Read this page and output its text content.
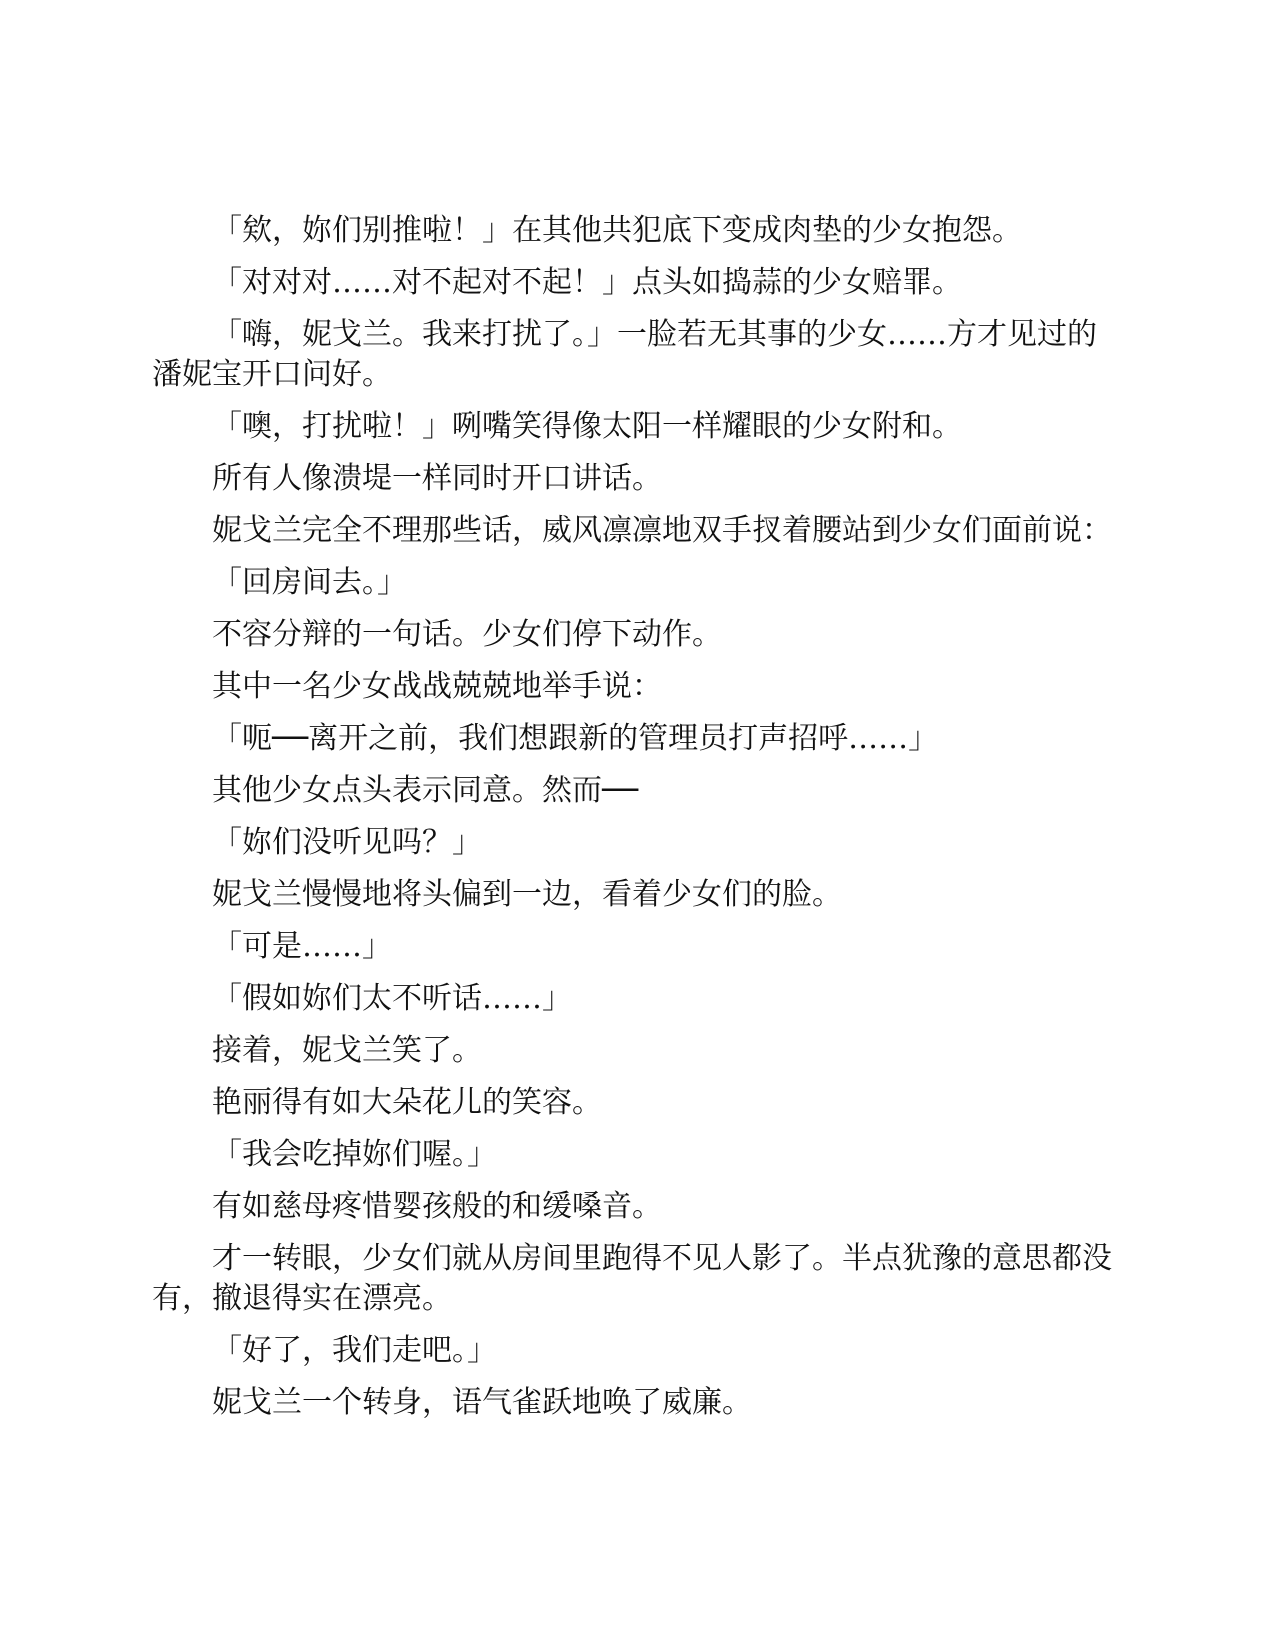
「欸，妳们别推啦！」在其他共犯底下变成肉垫的少女抱怨。

「对对对……对不起对不起！」点头如捣蒜的少女赔罪。

「嗨，妮戈兰。我来打扰了。」一脸若无其事的少女……方才见过的潘妮宝开口问好。

「噢，打扰啦！」咧嘴笑得像太阳一样耀眼的少女附和。

所有人像溃堤一样同时开口讲话。

妮戈兰完全不理那些话，威风凛凛地双手扠着腰站到少女们面前说：

「回房间去。」

不容分辩的一句话。少女们停下动作。

其中一名少女战战兢兢地举手说：

「呃──离开之前，我们想跟新的管理员打声招呼……」

其他少女点头表示同意。然而──

「妳们没听见吗？」

妮戈兰慢慢地将头偏到一边，看着少女们的脸。

「可是……」

「假如妳们太不听话……」

接着，妮戈兰笑了。

艳丽得有如大朵花儿的笑容。

「我会吃掉妳们喔。」

有如慈母疼惜婴孩般的和缓嗓音。

才一转眼，少女们就从房间里跑得不见人影了。半点犹豫的意思都没有，撤退得实在漂亮。

「好了，我们走吧。」

妮戈兰一个转身，语气雀跃地唤了威廉。
